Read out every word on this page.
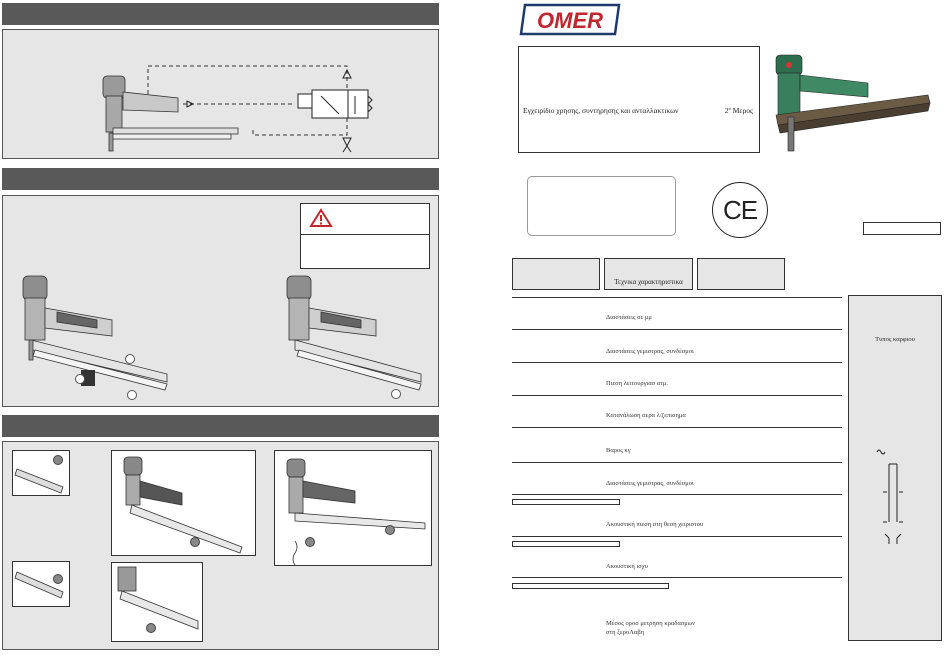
OMER
Εγχειρίδιο χρησης, συντηρησης και ανταλλακτικων	2º Μερος
CE
Τεχνικα χαρακτηριστικα
Διαστάσεις σε μμ
Διαστάσεις γεμιστρας, συνδέσμοι
Πιεση λειτουργιασ ατμ.
Κατανάλωση αερα λ/ζεπισημα
Βαρος κγ
Διαστάσεις γεμιστρας, συνδέσμοι
Ακουστική πιεση στη θεση χειριστου
Ακουστική ισχυ
Μέσος οροσ μετρηση κραδασμων
στη ξεροΛαβη
Τυπος καρφιου
